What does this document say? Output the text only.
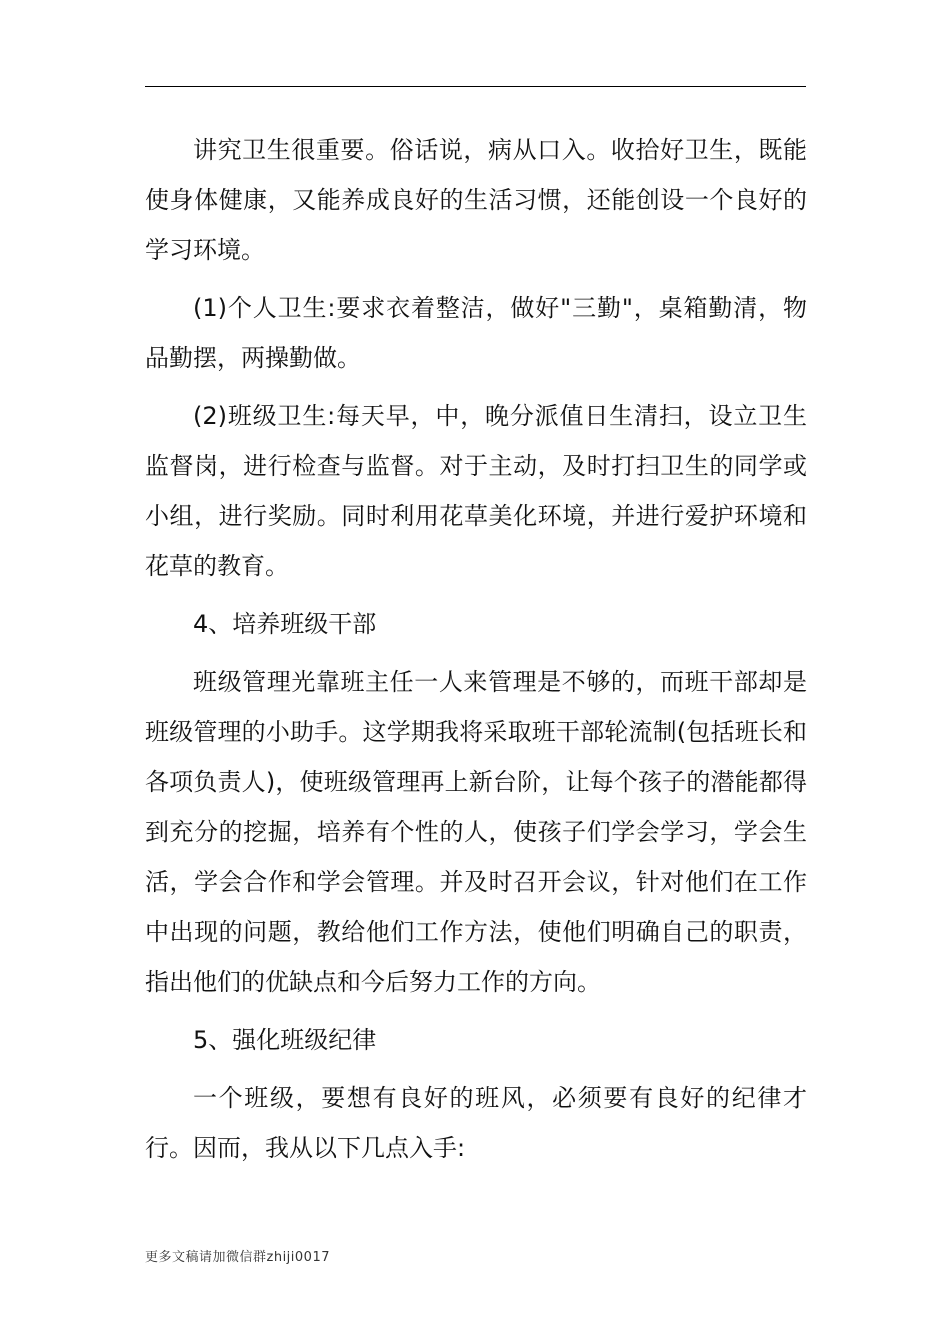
讲究卫生很重要。俗话说，病从口入。收拾好卫生，既能使身体健康，又能养成良好的生活习惯，还能创设一个良好的学习环境。

(1)个人卫生:要求衣着整洁，做好"三勤"，桌箱勤清，物品勤摆，两操勤做。

(2)班级卫生:每天早，中，晚分派值日生清扫，设立卫生监督岗，进行检查与监督。对于主动，及时打扫卫生的同学或小组，进行奖励。同时利用花草美化环境，并进行爱护环境和花草的教育。

4、培养班级干部

班级管理光靠班主任一人来管理是不够的，而班干部却是班级管理的小助手。这学期我将采取班干部轮流制(包括班长和各项负责人)，使班级管理再上新台阶，让每个孩子的潜能都得到充分的挖掘，培养有个性的人，使孩子们学会学习，学会生活，学会合作和学会管理。并及时召开会议，针对他们在工作中出现的问题，教给他们工作方法，使他们明确自己的职责，指出他们的优缺点和今后努力工作的方向。

5、强化班级纪律

一个班级，要想有良好的班风，必须要有良好的纪律才行。因而，我从以下几点入手:

更多文稿请加微信群zhiji0017
